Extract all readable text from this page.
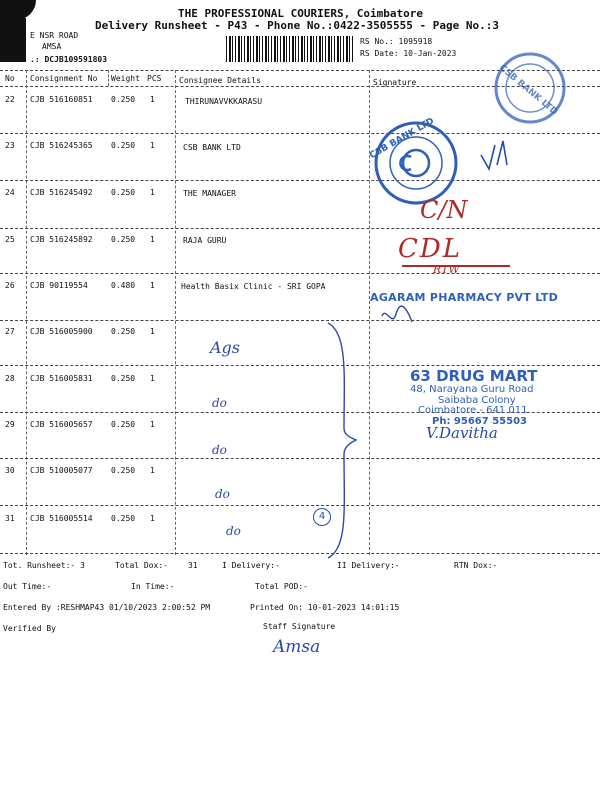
THE PROFESSIONAL COURIERS, Coimbatore
Delivery Runsheet - P43 - Phone No.:0422-3505555 - Page No.:3
E NSR ROAD
AMSA
.: DCJB109591803
RS No.: 1095918
RS Date: 10-Jan-2023
No Consignment No Weight PCS Consignee Details	Signature
22 CJB 516160851 0.250 1	THIRUNAVVKKARASU
23 CJB 516245365 0.250 1	CSB BANK LTD
24 CJB 516245492 0.250 1	THE MANAGER
25 CJB 516245892 0.250 1	RAJA GURU
26 CJB 90119554	0.480 1	Health Basix Clinic - SRI GOPA
27 CJB 516005900 0.250 1
28 CJB 516005831 0.250 1
29 CJB 516005657 0.250 1
30 CJB 510005077 0.250 1
31 CJB 516005514 0.250 1
Tot. Runsheet:- 3	Total Dox:-	31	I Delivery:-	II Delivery:-	RTN Dox:-
Out Time:-	In Time:-	Total POD:-
Entered By :RESHMAP43 01/10/2023 2:00:52 PM	Printed On: 10-01-2023 14:01:15
Verified By	Staff Signature
CSB BANK LTD
CSB BANK LTD
C/N
CDL
RTW
AGARAM PHARMACY PVT LTD
Ags
do
do
do
do
4
63 DRUG MART
48, Narayana Guru Road
Saibaba Colony
Coimbatore - 641 011.
Ph: 95667 55503
V.Davitha
Amsa
